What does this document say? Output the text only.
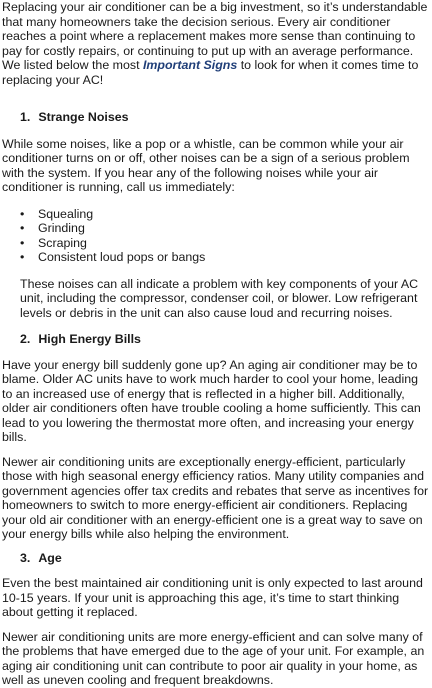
Replacing your air conditioner can be a big investment, so it’s understandable that many homeowners take the decision serious. Every air conditioner reaches a point where a replacement makes more sense than continuing to pay for costly repairs, or continuing to put up with an average performance. We listed below the most Important Signs to look for when it comes time to replacing your AC!

1. Strange Noises

While some noises, like a pop or a whistle, can be common while your air conditioner turns on or off, other noises can be a sign of a serious problem with the system. If you hear any of the following noises while your air conditioner is running, call us immediately:

• Squealing
• Grinding
• Scraping
• Consistent loud pops or bangs

These noises can all indicate a problem with key components of your AC unit, including the compressor, condenser coil, or blower. Low refrigerant levels or debris in the unit can also cause loud and recurring noises.

2. High Energy Bills

Have your energy bill suddenly gone up? An aging air conditioner may be to blame. Older AC units have to work much harder to cool your home, leading to an increased use of energy that is reflected in a higher bill. Additionally, older air conditioners often have trouble cooling a home sufficiently. This can lead to you lowering the thermostat more often, and increasing your energy bills.

Newer air conditioning units are exceptionally energy-efficient, particularly those with high seasonal energy efficiency ratios. Many utility companies and government agencies offer tax credits and rebates that serve as incentives for homeowners to switch to more energy-efficient air conditioners. Replacing your old air conditioner with an energy-efficient one is a great way to save on your energy bills while also helping the environment.

3. Age

Even the best maintained air conditioning unit is only expected to last around 10-15 years. If your unit is approaching this age, it’s time to start thinking about getting it replaced.

Newer air conditioning units are more energy-efficient and can solve many of the problems that have emerged due to the age of your unit. For example, an aging air conditioning unit can contribute to poor air quality in your home, as well as uneven cooling and frequent breakdowns.
